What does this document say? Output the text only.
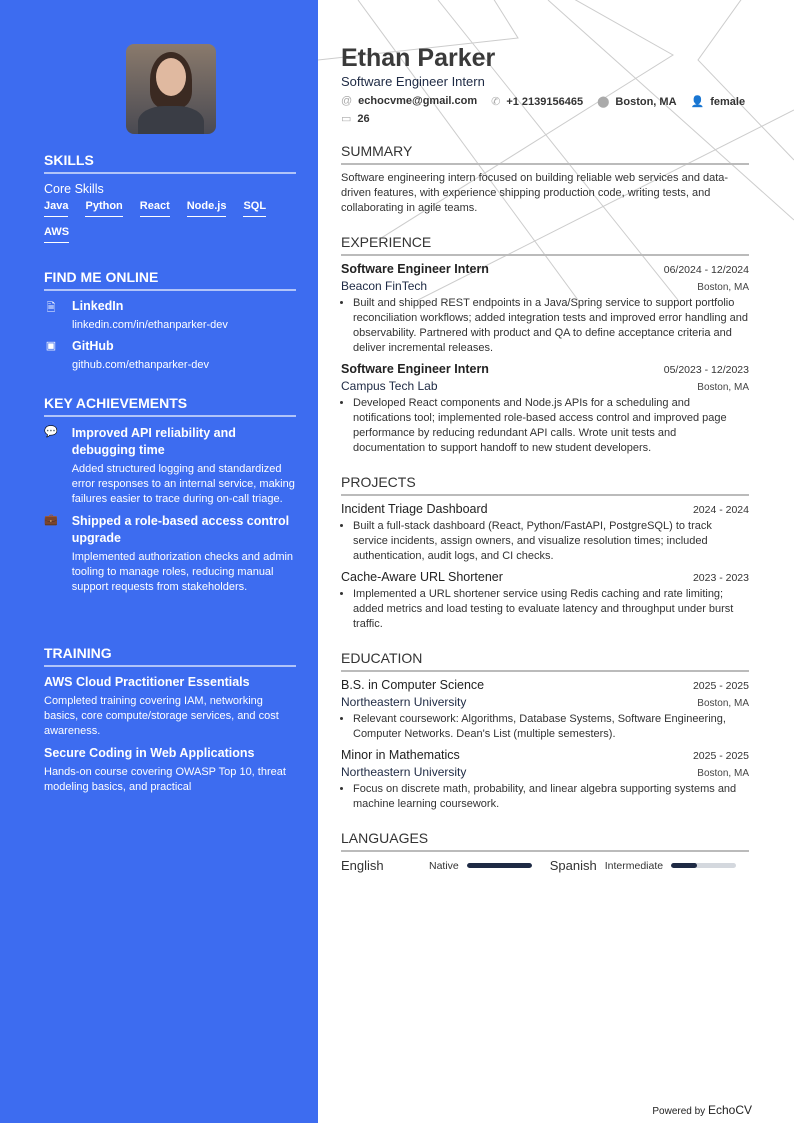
SKILLS
Core Skills
Java Python React Node.js SQL
AWS
FIND ME ONLINE
🗎 LinkedIn
linkedin.com/in/ethanparker-dev
▣ GitHub
github.com/ethanparker-dev
KEY ACHIEVEMENTS
💬 Improved API reliability and debugging time
Added structured logging and standardized error responses to an internal service, making failures easier to trace during on-call triage.
💼 Shipped a role-based access control upgrade
Implemented authorization checks and admin tooling to manage roles, reducing manual support requests from stakeholders.
TRAINING
AWS Cloud Practitioner Essentials
Completed training covering IAM, networking basics, core compute/storage services, and cost awareness.
Secure Coding in Web Applications
Hands-on course covering OWASP Top 10, threat modeling basics, and practical
Ethan Parker
Software Engineer Intern
@ echocvme@gmail.com ✆ +1 2139156465 ⬤ Boston, MA 👤 female
▭ 26
SUMMARY
Software engineering intern focused on building reliable web services and data-driven features, with experience shipping production code, writing tests, and collaborating in agile teams.
EXPERIENCE
Software Engineer Intern	06/2024 - 12/2024
Beacon FinTech	Boston, MA
• Built and shipped REST endpoints in a Java/Spring service to support portfolio reconciliation workflows; added integration tests and improved error handling and observability. Partnered with product and QA to define acceptance criteria and deliver incremental releases.
Software Engineer Intern	05/2023 - 12/2023
Campus Tech Lab	Boston, MA
• Developed React components and Node.js APIs for a scheduling and notifications tool; implemented role-based access control and improved page performance by reducing redundant API calls. Wrote unit tests and documentation to support handoff to new student developers.
PROJECTS
Incident Triage Dashboard	2024 - 2024
• Built a full-stack dashboard (React, Python/FastAPI, PostgreSQL) to track service incidents, assign owners, and visualize resolution times; included authentication, audit logs, and CI checks.
Cache-Aware URL Shortener	2023 - 2023
• Implemented a URL shortener service using Redis caching and rate limiting; added metrics and load testing to evaluate latency and throughput under burst traffic.
EDUCATION
B.S. in Computer Science	2025 - 2025
Northeastern University	Boston, MA
• Relevant coursework: Algorithms, Database Systems, Software Engineering, Computer Networks. Dean's List (multiple semesters).
Minor in Mathematics	2025 - 2025
Northeastern University	Boston, MA
• Focus on discrete math, probability, and linear algebra supporting systems and machine learning coursework.
LANGUAGES
English	Native	Spanish Intermediate
Powered by EchoCV
